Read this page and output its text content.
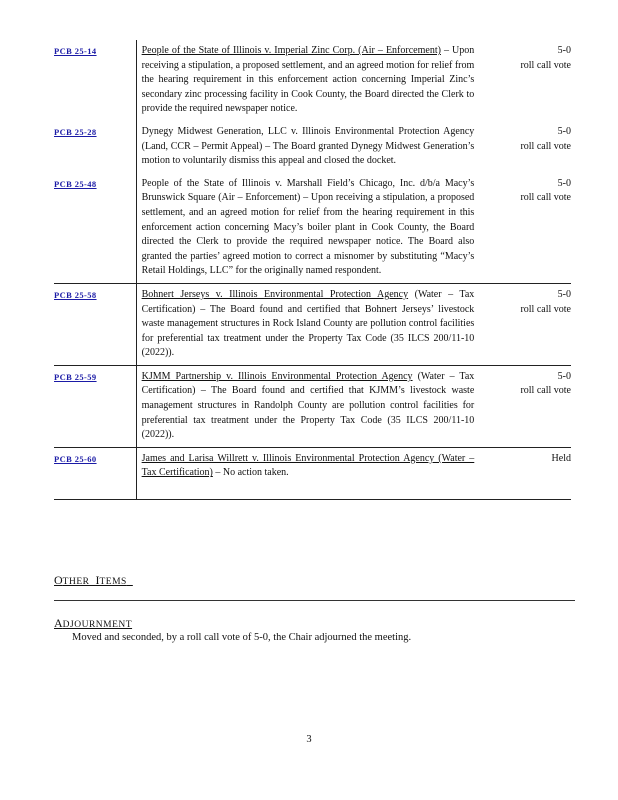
PCB 25-14	People of the State of Illinois v. Imperial Zinc Corp. (Air – Enforcement) – Upon receiving a stipulation, a proposed settlement, and an agreed motion for relief from the hearing requirement in this enforcement action concerning Imperial Zinc’s secondary zinc processing facility in Cook County, the Board directed the Clerk to provide the required newspaper notice.	5-0
roll call vote

PCB 25-28	Dynegy Midwest Generation, LLC v. Illinois Environmental Protection Agency (Land, CCR – Permit Appeal) – The Board granted Dynegy Midwest Generation’s motion to voluntarily dismiss this appeal and closed the docket.	5-0
roll call vote

PCB 25-48	People of the State of Illinois v. Marshall Field’s Chicago, Inc. d/b/a Macy’s Brunswick Square (Air – Enforcement) – Upon receiving a stipulation, a proposed settlement, and an agreed motion for relief from the hearing requirement in this enforcement action concerning Macy’s boiler plant in Cook County, the Board directed the Clerk to provide the required newspaper notice. The Board also granted the parties’ agreed motion to correct a misnomer by substituting “Macy’s Retail Holdings, LLC” for the originally named respondent.	5-0
roll call vote

PCB 25-58	Bohnert Jerseys v. Illinois Environmental Protection Agency (Water – Tax Certification) – The Board found and certified that Bohnert Jerseys’ livestock waste management structures in Rock Island County are pollution control facilities for preferential tax treatment under the Property Tax Code (35 ILCS 200/11-10 (2022)).	5-0
roll call vote

PCB 25-59	KJMM Partnership v. Illinois Environmental Protection Agency (Water – Tax Certification) – The Board found and certified that KJMM’s livestock waste management structures in Randolph County are pollution control facilities for preferential tax treatment under the Property Tax Code (35 ILCS 200/11-10 (2022)).	5-0
roll call vote

PCB 25-60	James and Larisa Willrett v. Illinois Environmental Protection Agency (Water – Tax Certification) – No action taken.	Held
OTHER ITEMS
ADJOURNMENT
Moved and seconded, by a roll call vote of 5-0, the Chair adjourned the meeting.
3
